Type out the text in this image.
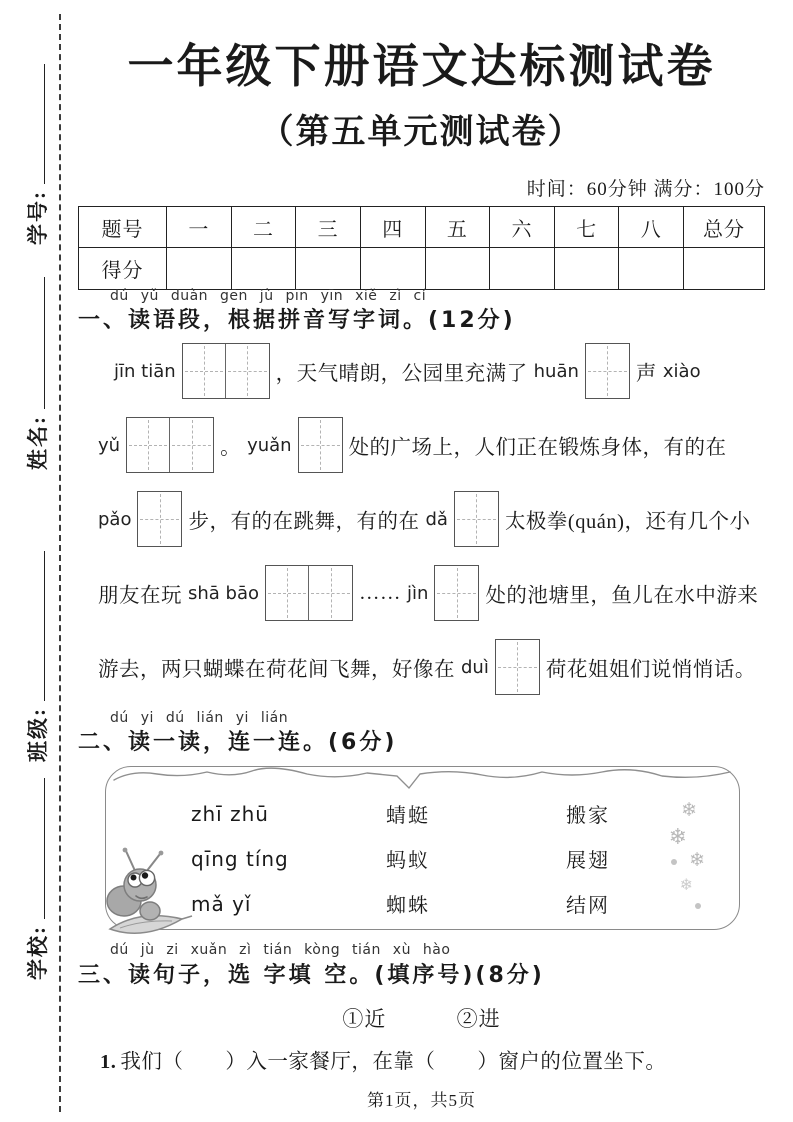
学号:
姓名:
班级:
学校:
一年级下册语文达标测试卷
（第五单元测试卷）
时间：60分钟 满分：100分
题号	一	二	三	四	五	六	七	八	总分
得分
dú yǔ duàn gēn jù pīn yīn xiě zì cí
一、读语段，根据拼音写字词。(12分)
jīn tiān	，天气晴朗，公园里充满了 huān	声 xiào
yǔ	。 yuǎn	处的广场上，人们正在锻炼身体，有的在
pǎo	步，有的在跳舞，有的在 dǎ	太极拳(quán)，还有几个小
朋友在玩 shā bāo	…… jìn	处的池塘里，鱼儿在水中游来
游去，两只蝴蝶在荷花间飞舞，好像在 duì	荷花姐姐们说悄悄话。
dú yi dú lián yi lián
二、读一读，连一连。(6分)
zhī zhū	蜻蜓	搬家
qīng tíng	蚂蚁	展翅
mǎ yǐ	蜘蛛	结网
❄
❄
❄
❄
dú jù zi xuǎn zì tián kòng tián xù hào
三、读句子，选 字填 空。(填序号)(8分)
①近	②进
1. 我们（　　）入一家餐厅，在靠（　　）窗户的位置坐下。
第1页，共5页
